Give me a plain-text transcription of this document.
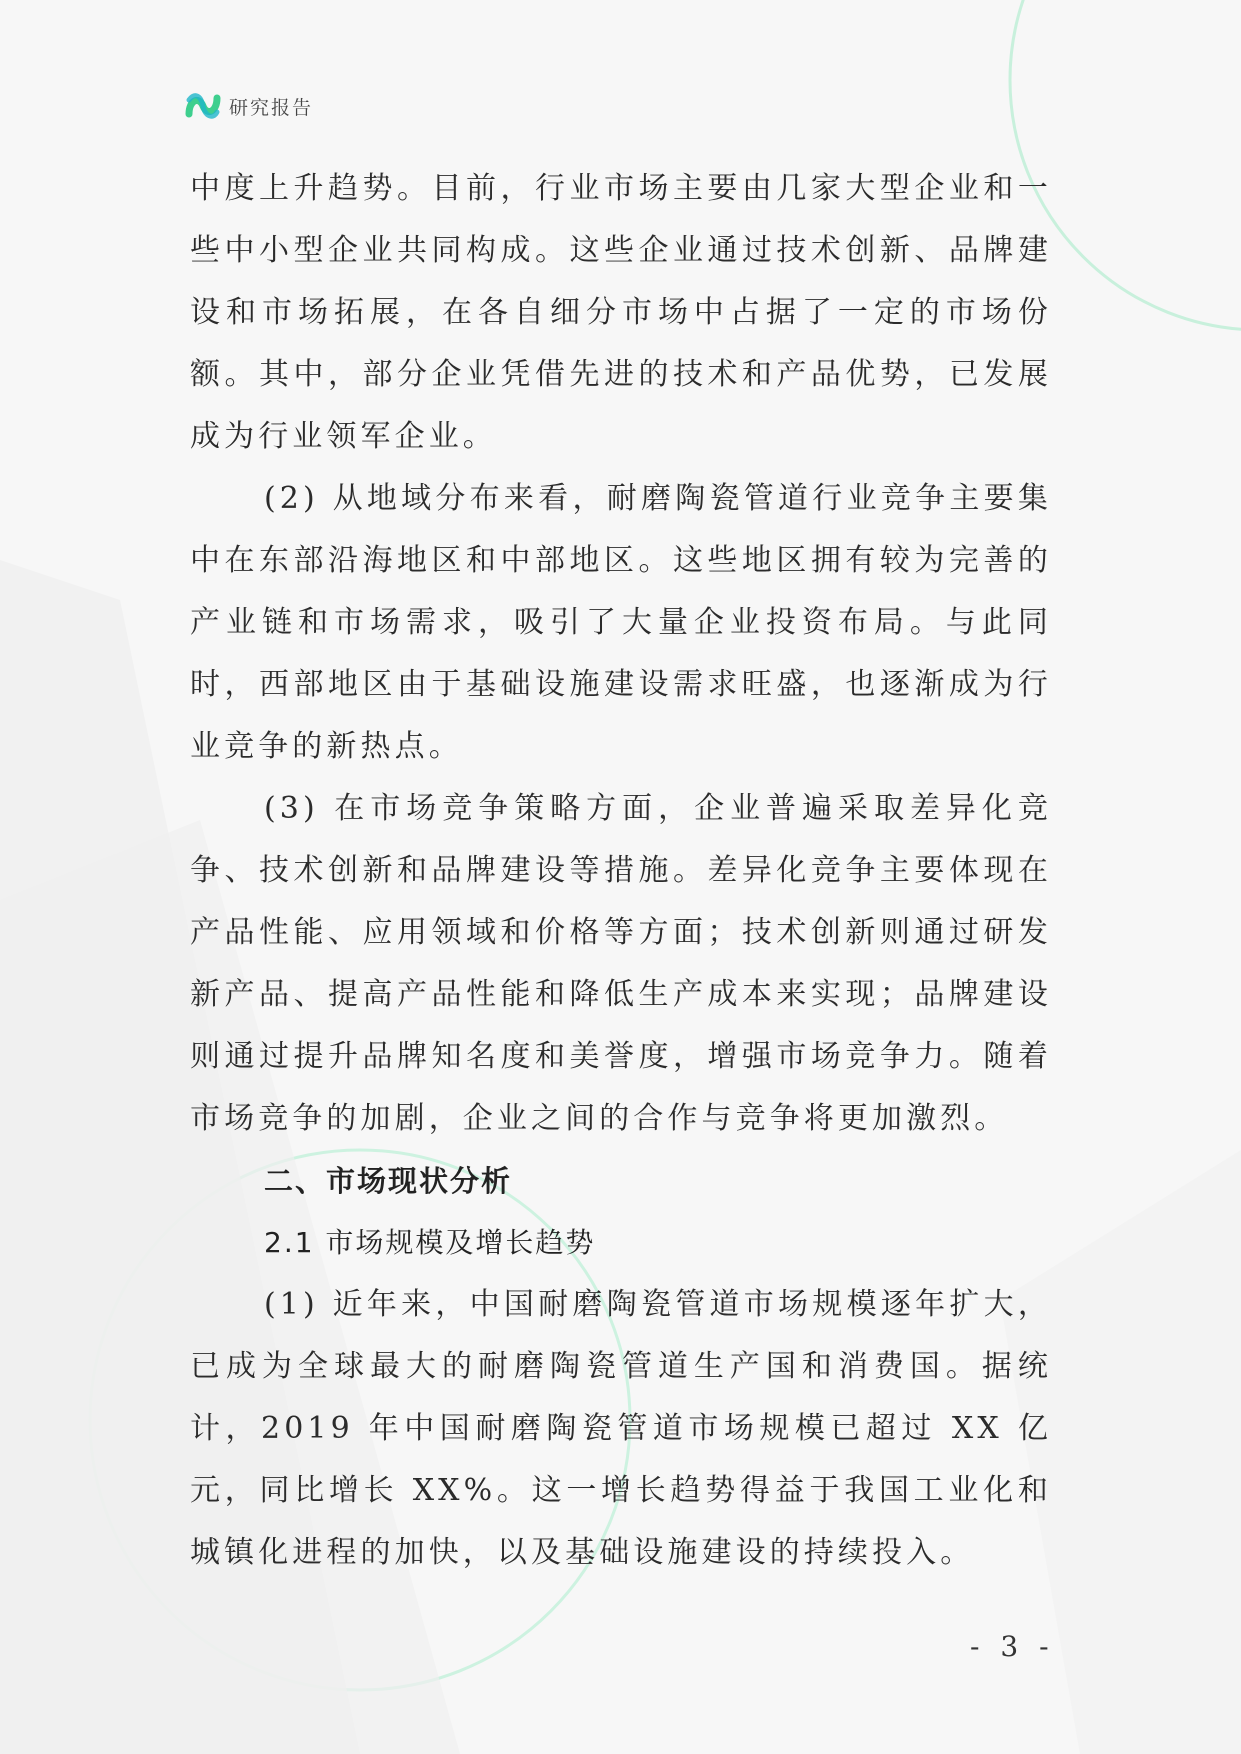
研究报告

中度上升趋势。目前，行业市场主要由几家大型企业和一些中小型企业共同构成。这些企业通过技术创新、品牌建设和市场拓展，在各自细分市场中占据了一定的市场份额。其中，部分企业凭借先进的技术和产品优势，已发展成为行业领军企业。

(2) 从地域分布来看，耐磨陶瓷管道行业竞争主要集中在东部沿海地区和中部地区。这些地区拥有较为完善的产业链和市场需求，吸引了大量企业投资布局。与此同时，西部地区由于基础设施建设需求旺盛，也逐渐成为行业竞争的新热点。

(3) 在市场竞争策略方面，企业普遍采取差异化竞争、技术创新和品牌建设等措施。差异化竞争主要体现在产品性能、应用领域和价格等方面；技术创新则通过研发新产品、提高产品性能和降低生产成本来实现；品牌建设则通过提升品牌知名度和美誉度，增强市场竞争力。随着市场竞争的加剧，企业之间的合作与竞争将更加激烈。

二、市场现状分析
2.1 市场规模及增长趋势

(1) 近年来，中国耐磨陶瓷管道市场规模逐年扩大，已成为全球最大的耐磨陶瓷管道生产国和消费国。据统计，2019 年中国耐磨陶瓷管道市场规模已超过 XX 亿元，同比增长 XX%。这一增长趋势得益于我国工业化和城镇化进程的加快，以及基础设施建设的持续投入。

- 3 -
